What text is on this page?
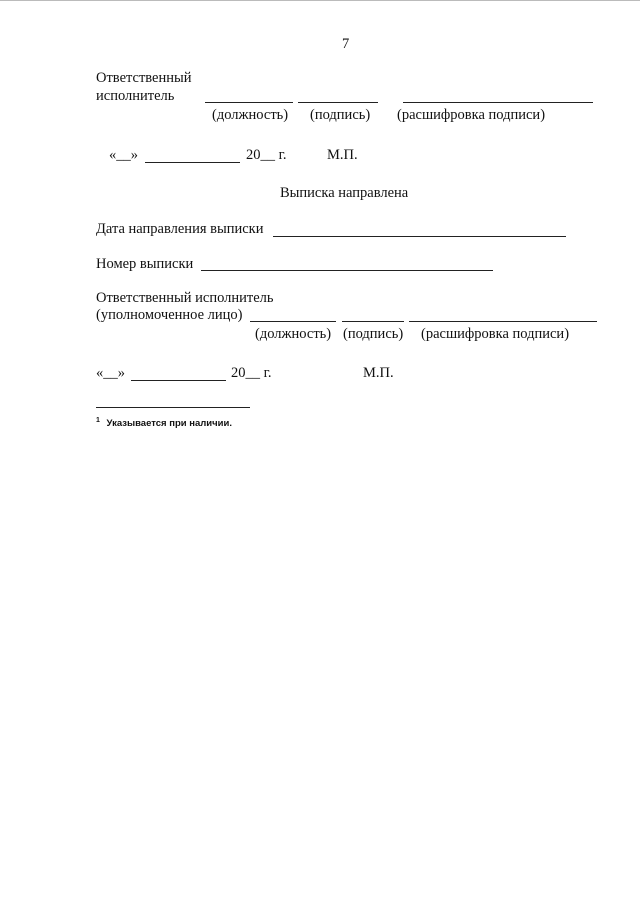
7
Ответственный
исполнитель
(должность) (подпись) (расшифровка подписи)
«__»	20__ г.	М.П.
Выписка направлена
Дата направления выписки
Номер выписки
Ответственный исполнитель
(уполномоченное лицо)
(должность) (подпись) (расшифровка подписи)
«__»	20__ г.	М.П.
$^1$ Указывается при наличии.
